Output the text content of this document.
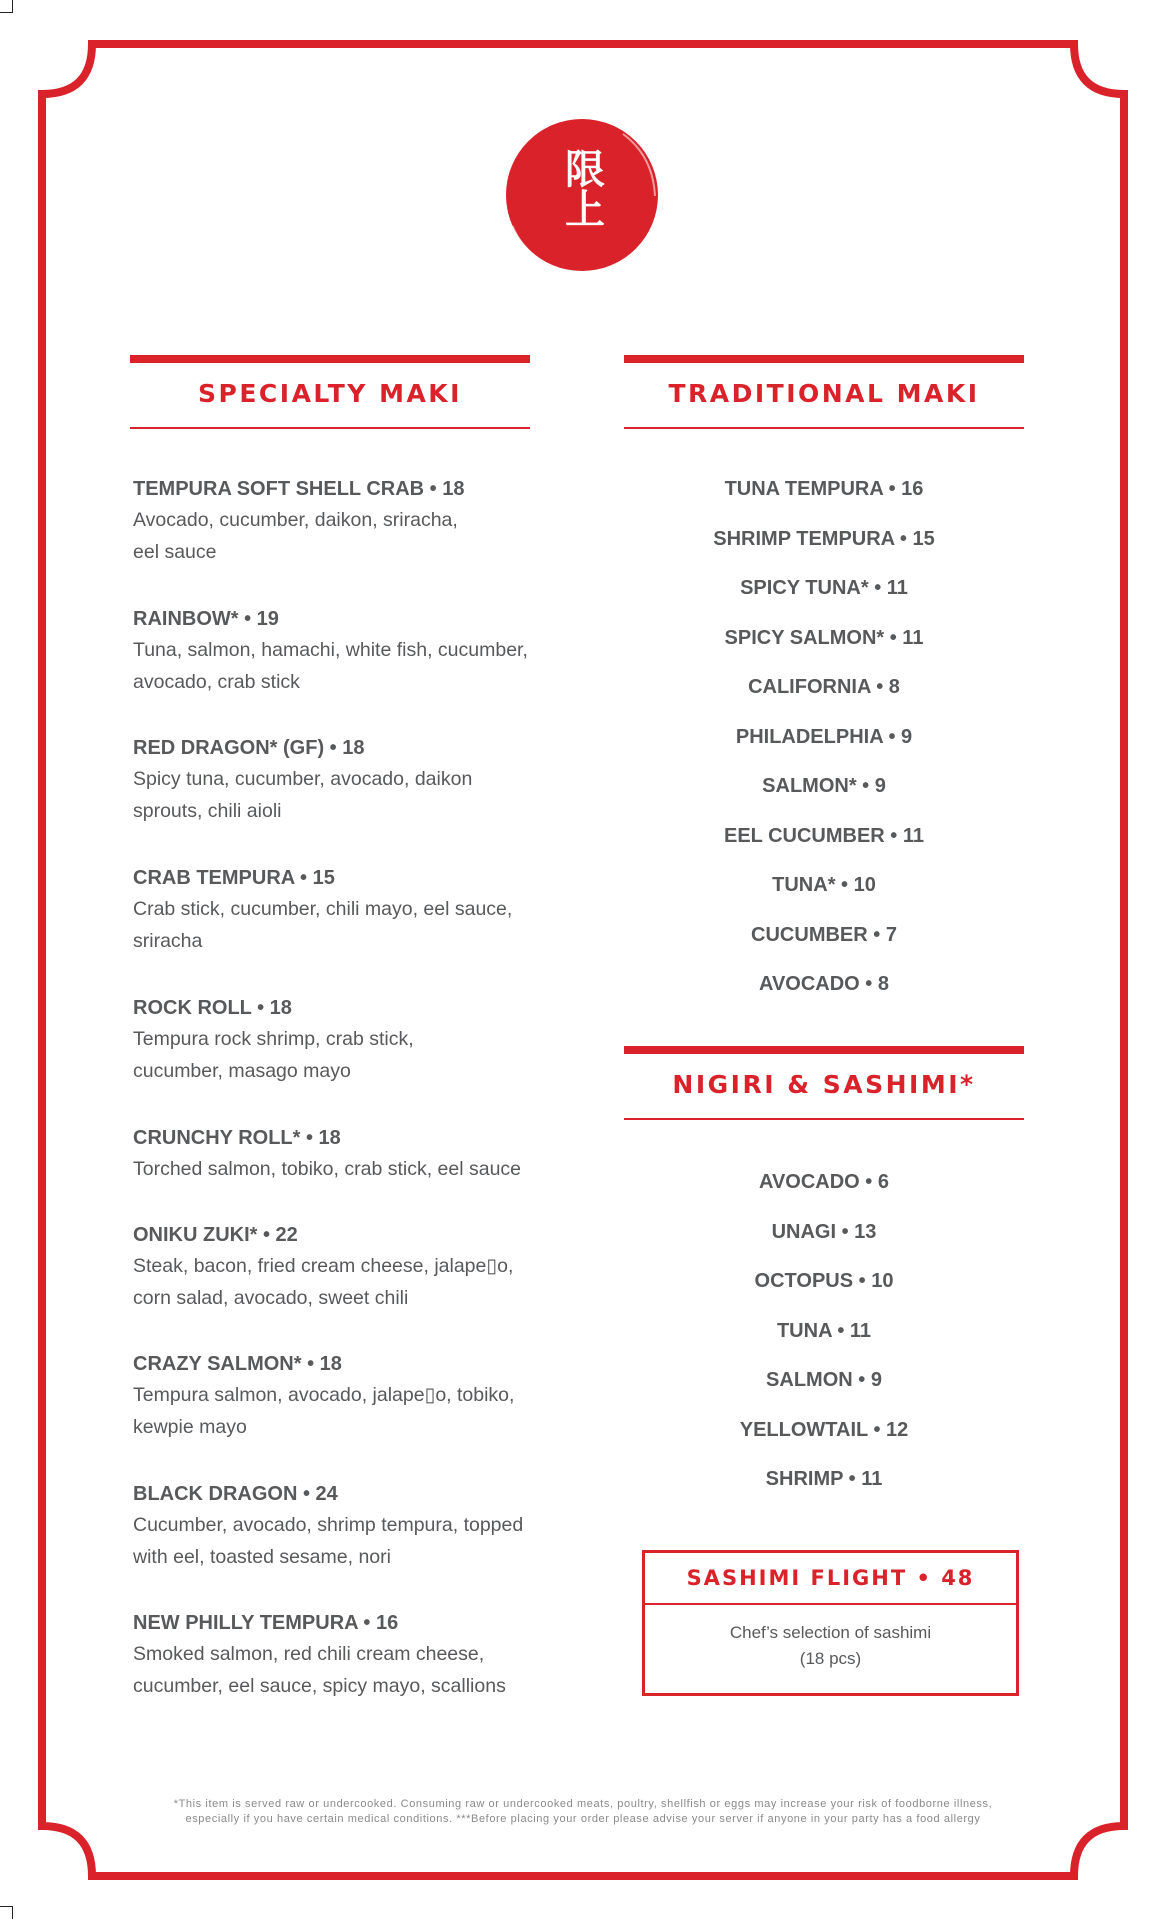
限上
SPECIALTY MAKI
TEMPURA SOFT SHELL CRAB • 18
Avocado, cucumber, daikon, sriracha,
eel sauce
RAINBOW* • 19
Tuna, salmon, hamachi, white fish, cucumber,
avocado, crab stick
RED DRAGON* (GF) • 18
Spicy tuna, cucumber, avocado, daikon
sprouts, chili aioli
CRAB TEMPURA • 15
Crab stick, cucumber, chili mayo, eel sauce,
sriracha
ROCK ROLL • 18
Tempura rock shrimp, crab stick,
cucumber, masago mayo
CRUNCHY ROLL* • 18
Torched salmon, tobiko, crab stick, eel sauce
ONIKU ZUKI* • 22
Steak, bacon, fried cream cheese, jalape▯o,
corn salad, avocado, sweet chili
CRAZY SALMON* • 18
Tempura salmon, avocado, jalape▯o, tobiko,
kewpie mayo
BLACK DRAGON • 24
Cucumber, avocado, shrimp tempura, topped
with eel, toasted sesame, nori
NEW PHILLY TEMPURA • 16
Smoked salmon, red chili cream cheese,
cucumber, eel sauce, spicy mayo, scallions
TRADITIONAL MAKI
TUNA TEMPURA • 16
SHRIMP TEMPURA • 15
SPICY TUNA* • 11
SPICY SALMON* • 11
CALIFORNIA • 8
PHILADELPHIA • 9
SALMON* • 9
EEL CUCUMBER • 11
TUNA* • 10
CUCUMBER • 7
AVOCADO • 8
NIGIRI & SASHIMI*
AVOCADO • 6
UNAGI • 13
OCTOPUS • 10
TUNA • 11
SALMON • 9
YELLOWTAIL • 12
SHRIMP • 11
SASHIMI FLIGHT • 48
Chef’s selection of sashimi
(18 pcs)
*This item is served raw or undercooked. Consuming raw or undercooked meats, poultry, shellfish or eggs may increase your risk of foodborne illness,
especially if you have certain medical conditions. ***Before placing your order please advise your server if anyone in your party has a food allergy
